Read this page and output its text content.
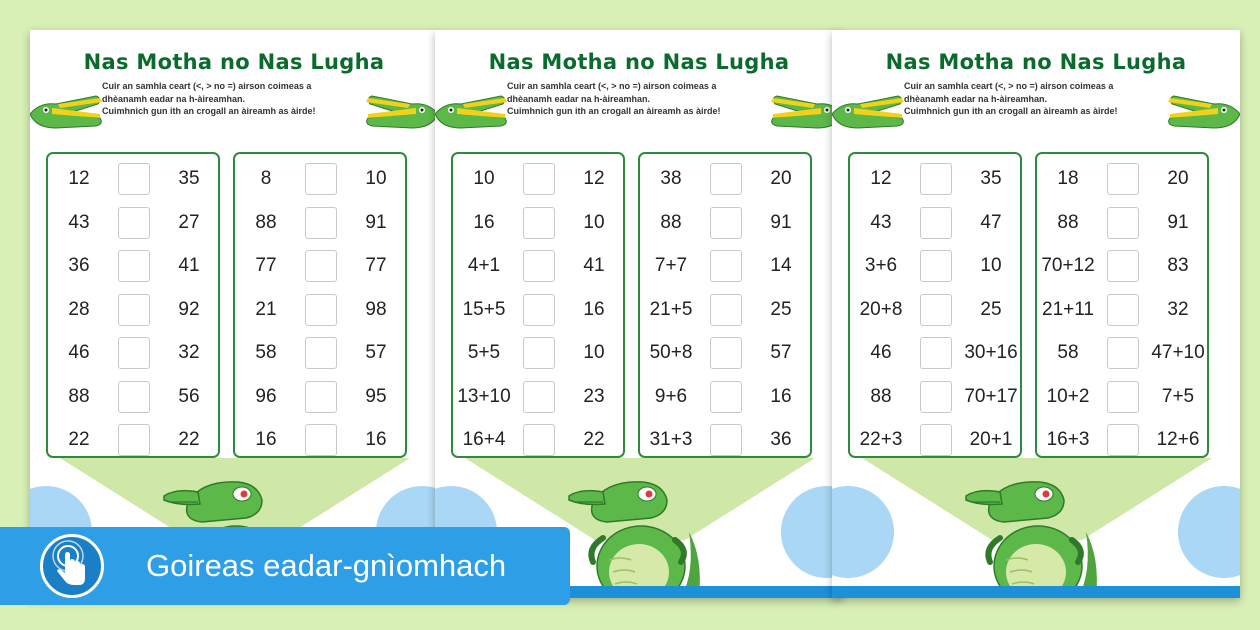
Nas Motha no Nas Lugha
Cuir an samhla ceart (<, > no =) airson coimeas a
dhèanamh eadar na h-àireamhan.
Cuimhnich gun ith an crogall an àireamh as àirde!
12	35
43	27
36	41
28	92
46	32
88	56
22	22
8	10
88	91
77	77
21	98
58	57
96	95
16	16
Nas Motha no Nas Lugha
Cuir an samhla ceart (<, > no =) airson coimeas a
dhèanamh eadar na h-àireamhan.
Cuimhnich gun ith an crogall an àireamh as àirde!
10	12
16	10
4+1	41
15+5	16
5+5	10
13+10	23
16+4	22
38	20
88	91
7+7	14
21+5	25
50+8	57
9+6	16
31+3	36
Nas Motha no Nas Lugha
Cuir an samhla ceart (<, > no =) airson coimeas a
dhèanamh eadar na h-àireamhan.
Cuimhnich gun ith an crogall an àireamh as àirde!
12	35
43	47
3+6	10
20+8	25
46	30+16
88	70+17
22+3	20+1
18	20
88	91
70+12	83
21+11	32
58	47+10
10+2	7+5
16+3	12+6
Goireas eadar-gnìomhach
